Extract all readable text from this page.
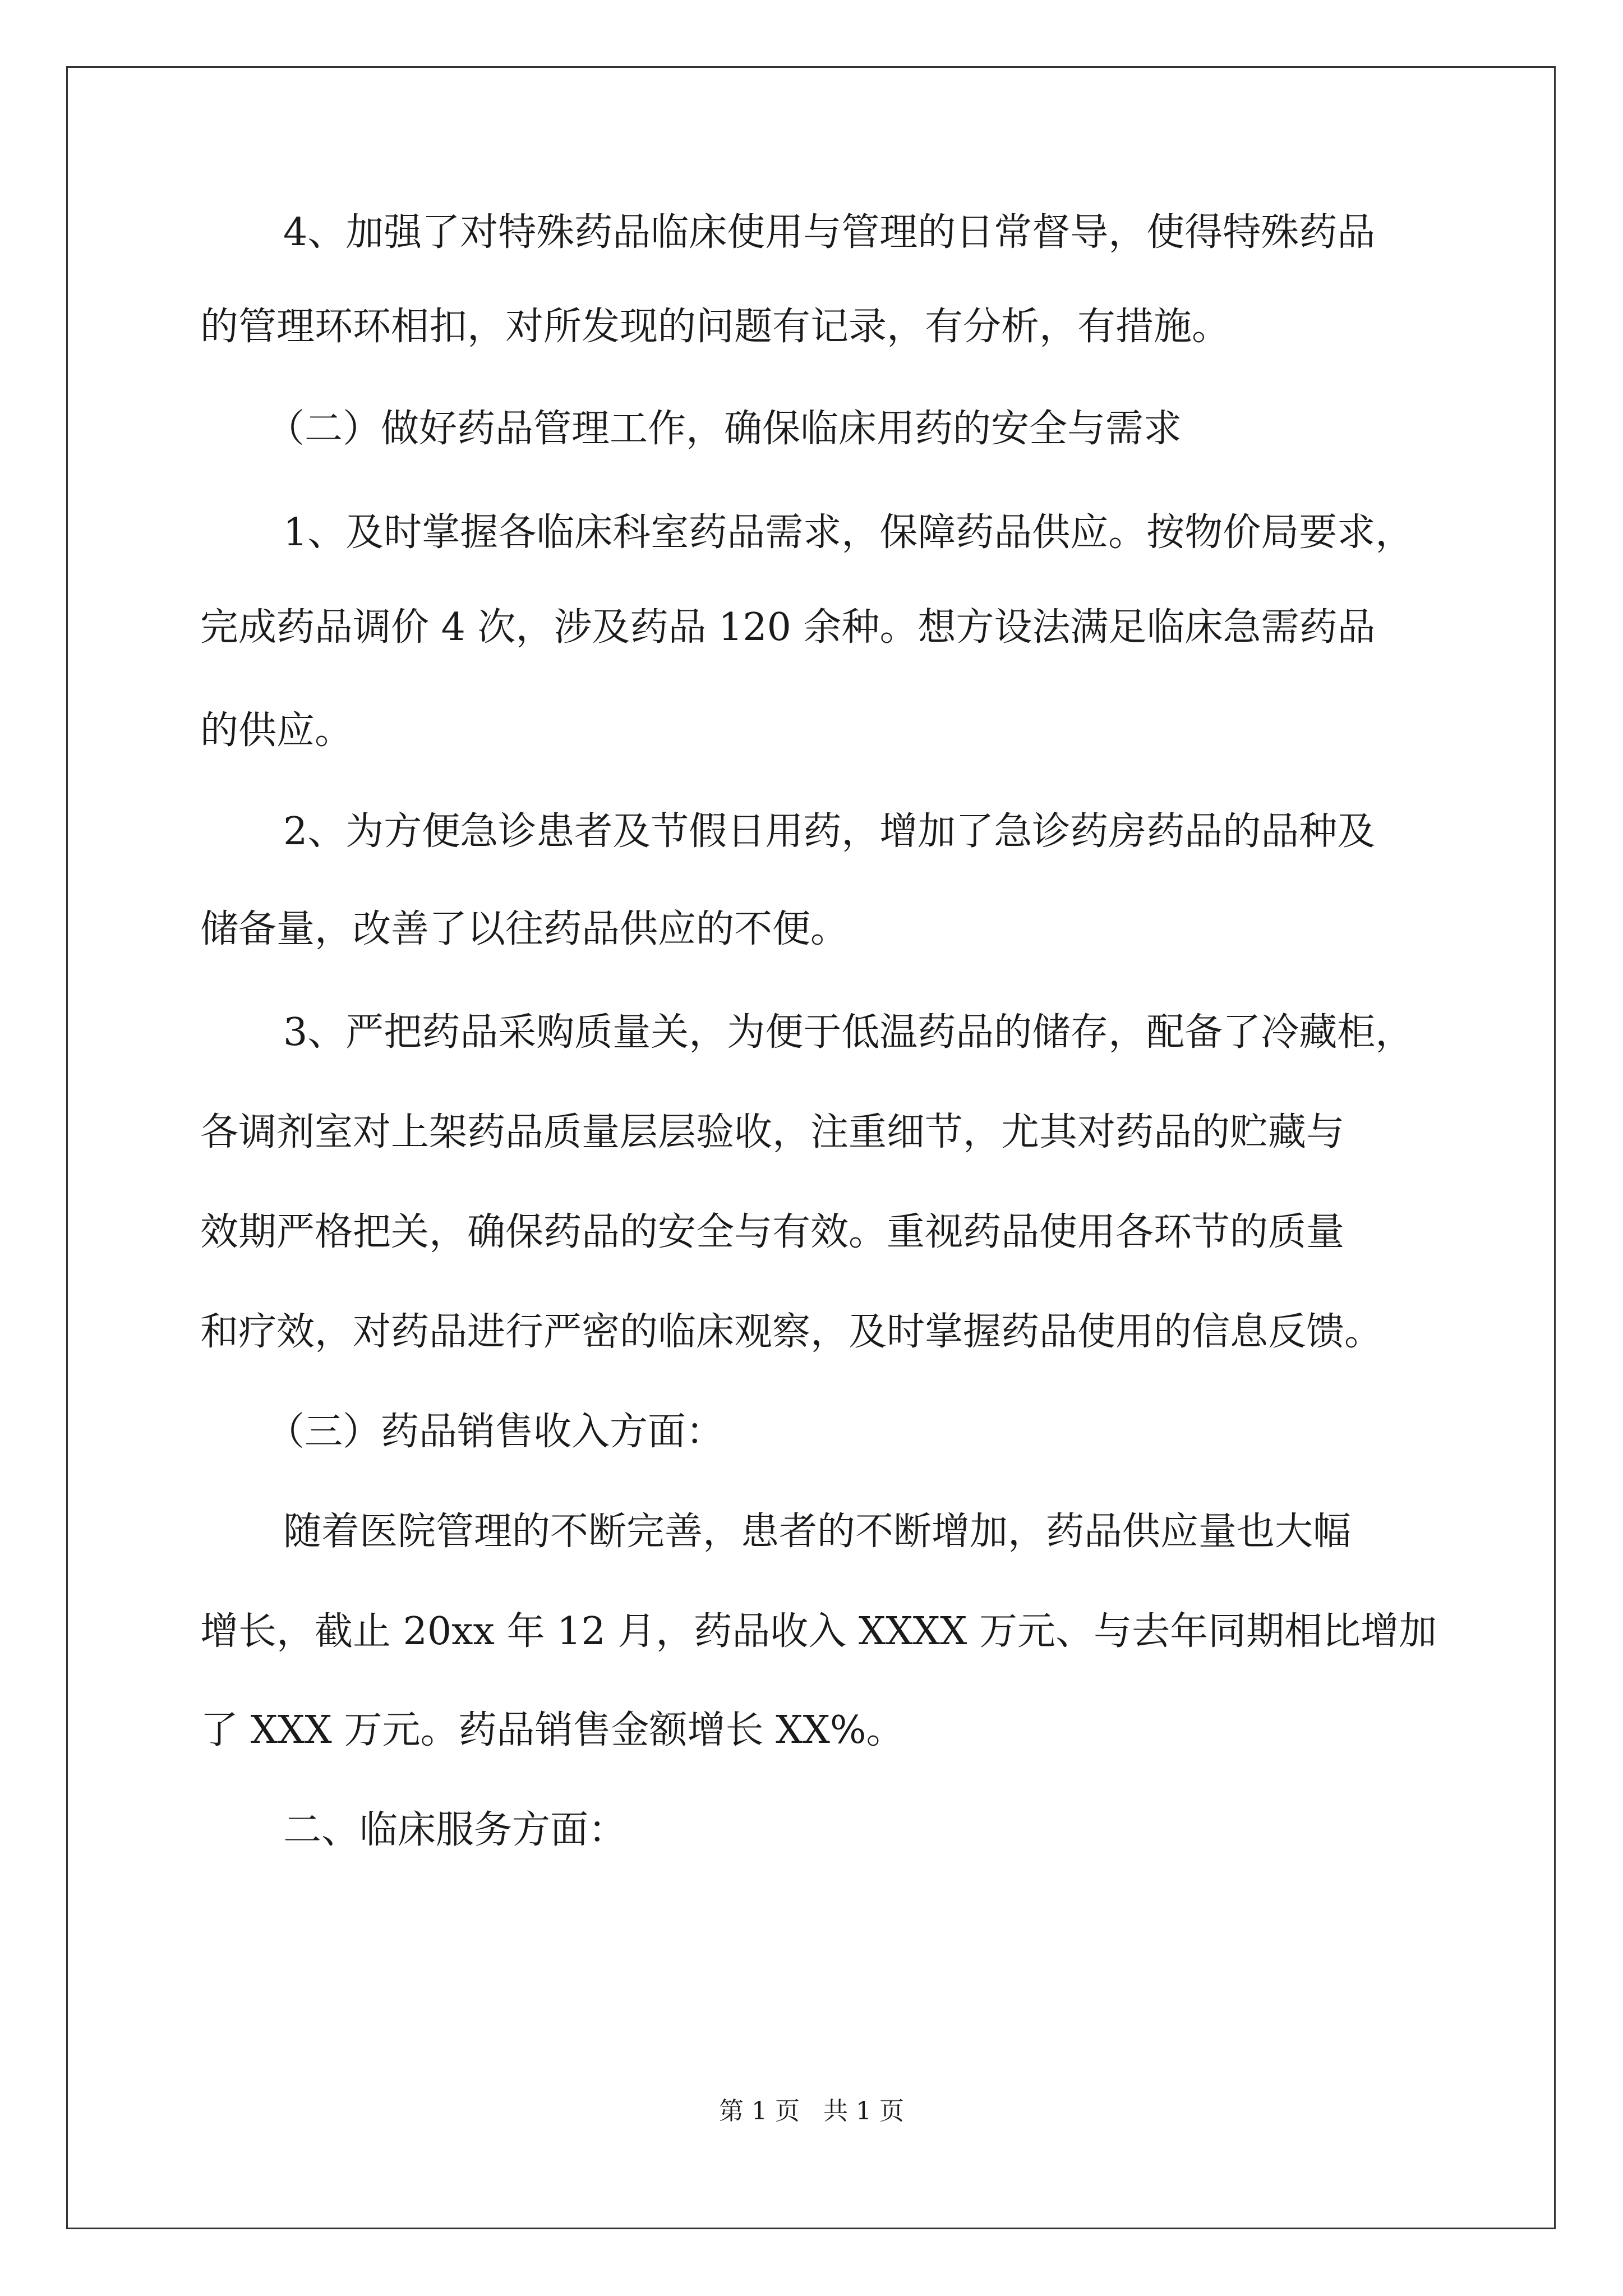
4、加强了对特殊药品临床使用与管理的日常督导，使得特殊药品
的管理环环相扣，对所发现的问题有记录，有分析，有措施。
（二）做好药品管理工作，确保临床用药的安全与需求
1、及时掌握各临床科室药品需求，保障药品供应。按物价局要求，
完成药品调价 4 次，涉及药品 120 余种。想方设法满足临床急需药品
的供应。
2、为方便急诊患者及节假日用药，增加了急诊药房药品的品种及
储备量，改善了以往药品供应的不便。
3、严把药品采购质量关，为便于低温药品的储存，配备了冷藏柜，
各调剂室对上架药品质量层层验收，注重细节，尤其对药品的贮藏与
效期严格把关，确保药品的安全与有效。重视药品使用各环节的质量
和疗效，对药品进行严密的临床观察，及时掌握药品使用的信息反馈。
（三）药品销售收入方面：
随着医院管理的不断完善，患者的不断增加，药品供应量也大幅
增长，截止 20xx 年 12 月，药品收入 XXXX 万元、与去年同期相比增加
了 XXX 万元。药品销售金额增长 XX%。
二、临床服务方面：
第 1 页   共 1 页
